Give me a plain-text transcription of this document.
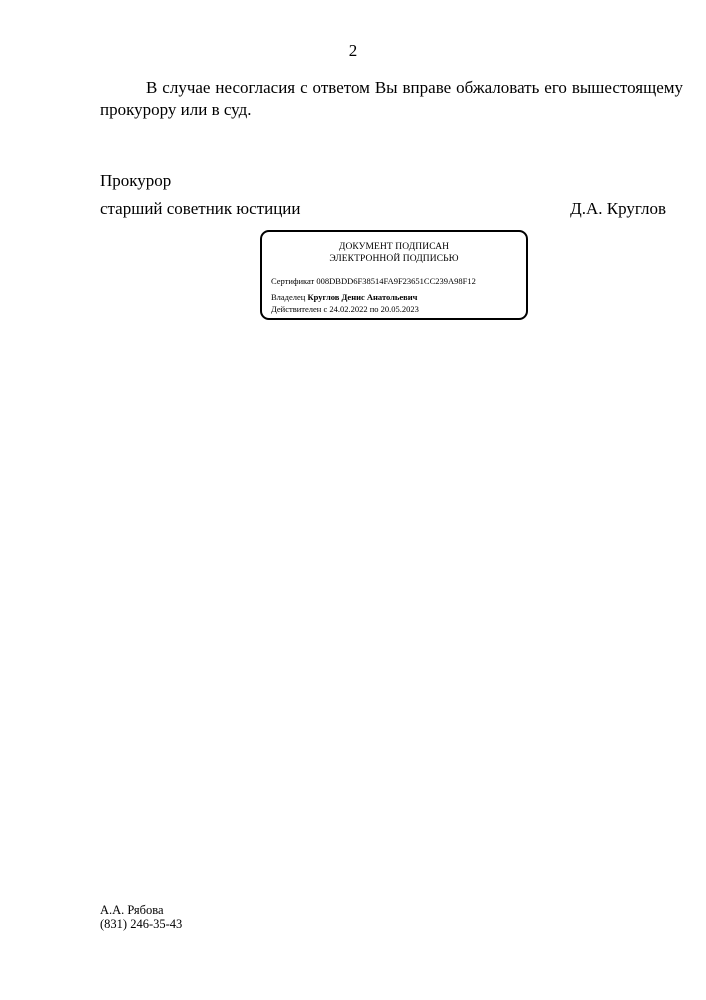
2
В случае несогласия с ответом Вы вправе обжаловать его вышестоящему прокурору или в суд.
Прокурор
старший советник юстиции	Д.А. Круглов
ДОКУМЕНТ ПОДПИСАН
ЭЛЕКТРОННОЙ ПОДПИСЬЮ
Сертификат 008DBDD6F38514FA9F23651CC239A98F12
Владелец Круглов Денис Анатольевич
Действителен с 24.02.2022 по 20.05.2023
А.А. Рябова
(831) 246-35-43
